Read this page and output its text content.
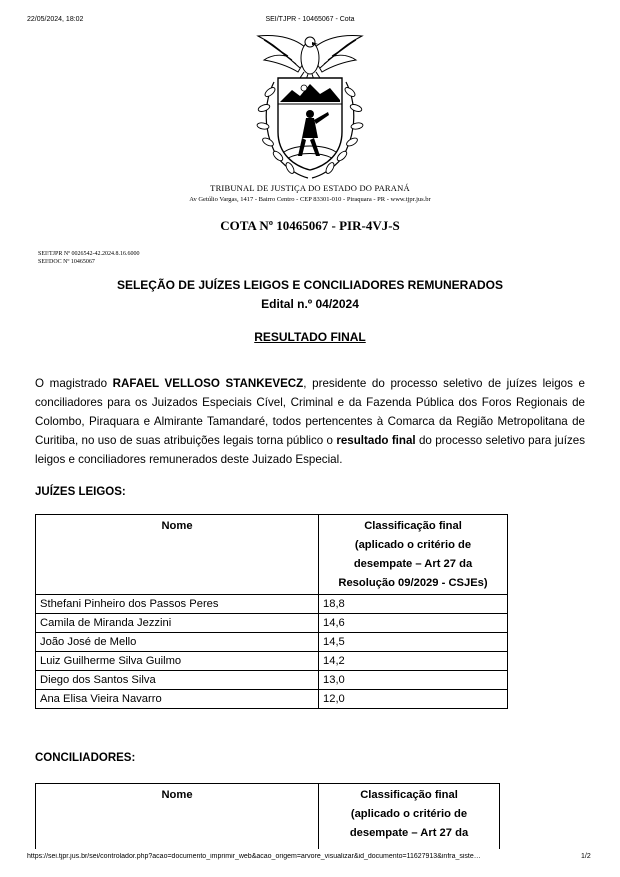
22/05/2024, 18:02	SEI/TJPR - 10465067 - Cota
TRIBUNAL DE JUSTIÇA DO ESTADO DO PARANÁ
Av Getúlio Vargas, 1417 - Bairro Centro - CEP 83301-010 - Piraquara - PR - www.tjpr.jus.br
COTA Nº 10465067 - PIR-4VJ-S
SEI!TJPR Nº 0026542-42.2024.8.16.6000
SEI!DOC Nº 10465067
SELEÇÃO DE JUÍZES LEIGOS E CONCILIADORES REMUNERADOS
Edital n.º 04/2024
RESULTADO FINAL
O magistrado RAFAEL VELLOSO STANKEVECZ, presidente do processo seletivo de juízes leigos e conciliadores para os Juizados Especiais Cível, Criminal e da Fazenda Pública dos Foros Regionais de Colombo, Piraquara e Almirante Tamandaré, todos pertencentes à Comarca da Região Metropolitana de Curitiba, no uso de suas atribuições legais torna público o resultado final do processo seletivo para juízes leigos e conciliadores remunerados deste Juizado Especial.
JUÍZES LEIGOS:
Nome	Classificação final
(aplicado o critério de
desempate – Art 27 da
Resolução 09/2029 - CSJEs)

Sthefani Pinheiro dos Passos Peres	18,8
Camila de Miranda Jezzini	14,6
João José de Mello	14,5
Luiz Guilherme Silva Guilmo	14,2
Diego dos Santos Silva	13,0
Ana Elisa Vieira Navarro	12,0
CONCILIADORES:
Nome	Classificação final
(aplicado o critério de
desempate – Art 27 da
https://sei.tjpr.jus.br/sei/controlador.php?acao=documento_imprimir_web&acao_origem=arvore_visualizar&id_documento=11627913&infra_siste…	1/2
